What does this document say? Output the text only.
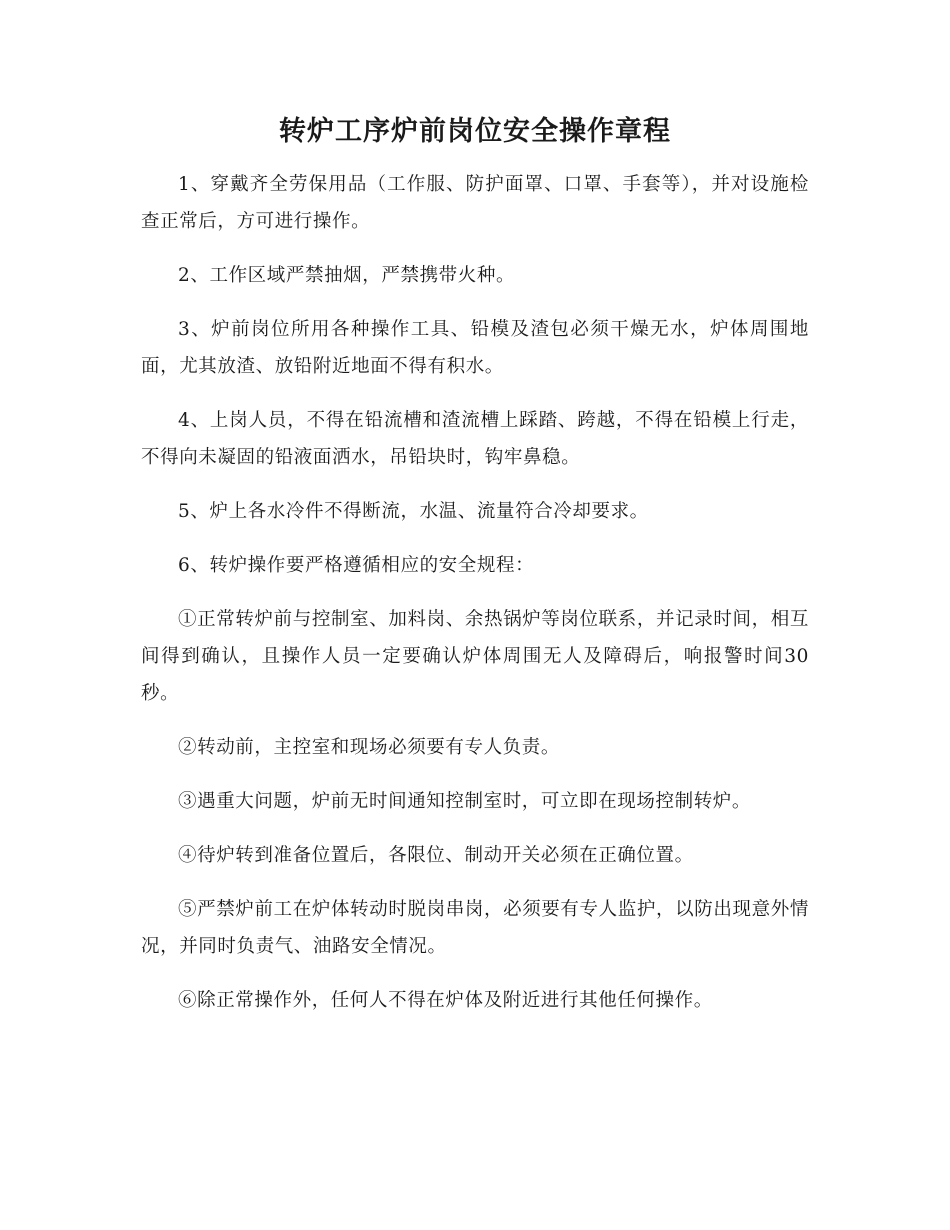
转炉工序炉前岗位安全操作章程

1、穿戴齐全劳保用品（工作服、防护面罩、口罩、手套等），并对设施检查正常后，方可进行操作。

2、工作区域严禁抽烟，严禁携带火种。

3、炉前岗位所用各种操作工具、铅模及渣包必须干燥无水，炉体周围地面，尤其放渣、放铅附近地面不得有积水。

4、上岗人员，不得在铅流槽和渣流槽上踩踏、跨越，不得在铅模上行走，不得向未凝固的铅液面洒水，吊铅块时，钩牢鼻稳。

5、炉上各水冷件不得断流，水温、流量符合冷却要求。

6、转炉操作要严格遵循相应的安全规程：

①正常转炉前与控制室、加料岗、余热锅炉等岗位联系，并记录时间，相互间得到确认，且操作人员一定要确认炉体周围无人及障碍后，响报警时间30秒。

②转动前，主控室和现场必须要有专人负责。

③遇重大问题，炉前无时间通知控制室时，可立即在现场控制转炉。

④待炉转到准备位置后，各限位、制动开关必须在正确位置。

⑤严禁炉前工在炉体转动时脱岗串岗，必须要有专人监护，以防出现意外情况，并同时负责气、油路安全情况。

⑥除正常操作外，任何人不得在炉体及附近进行其他任何操作。
